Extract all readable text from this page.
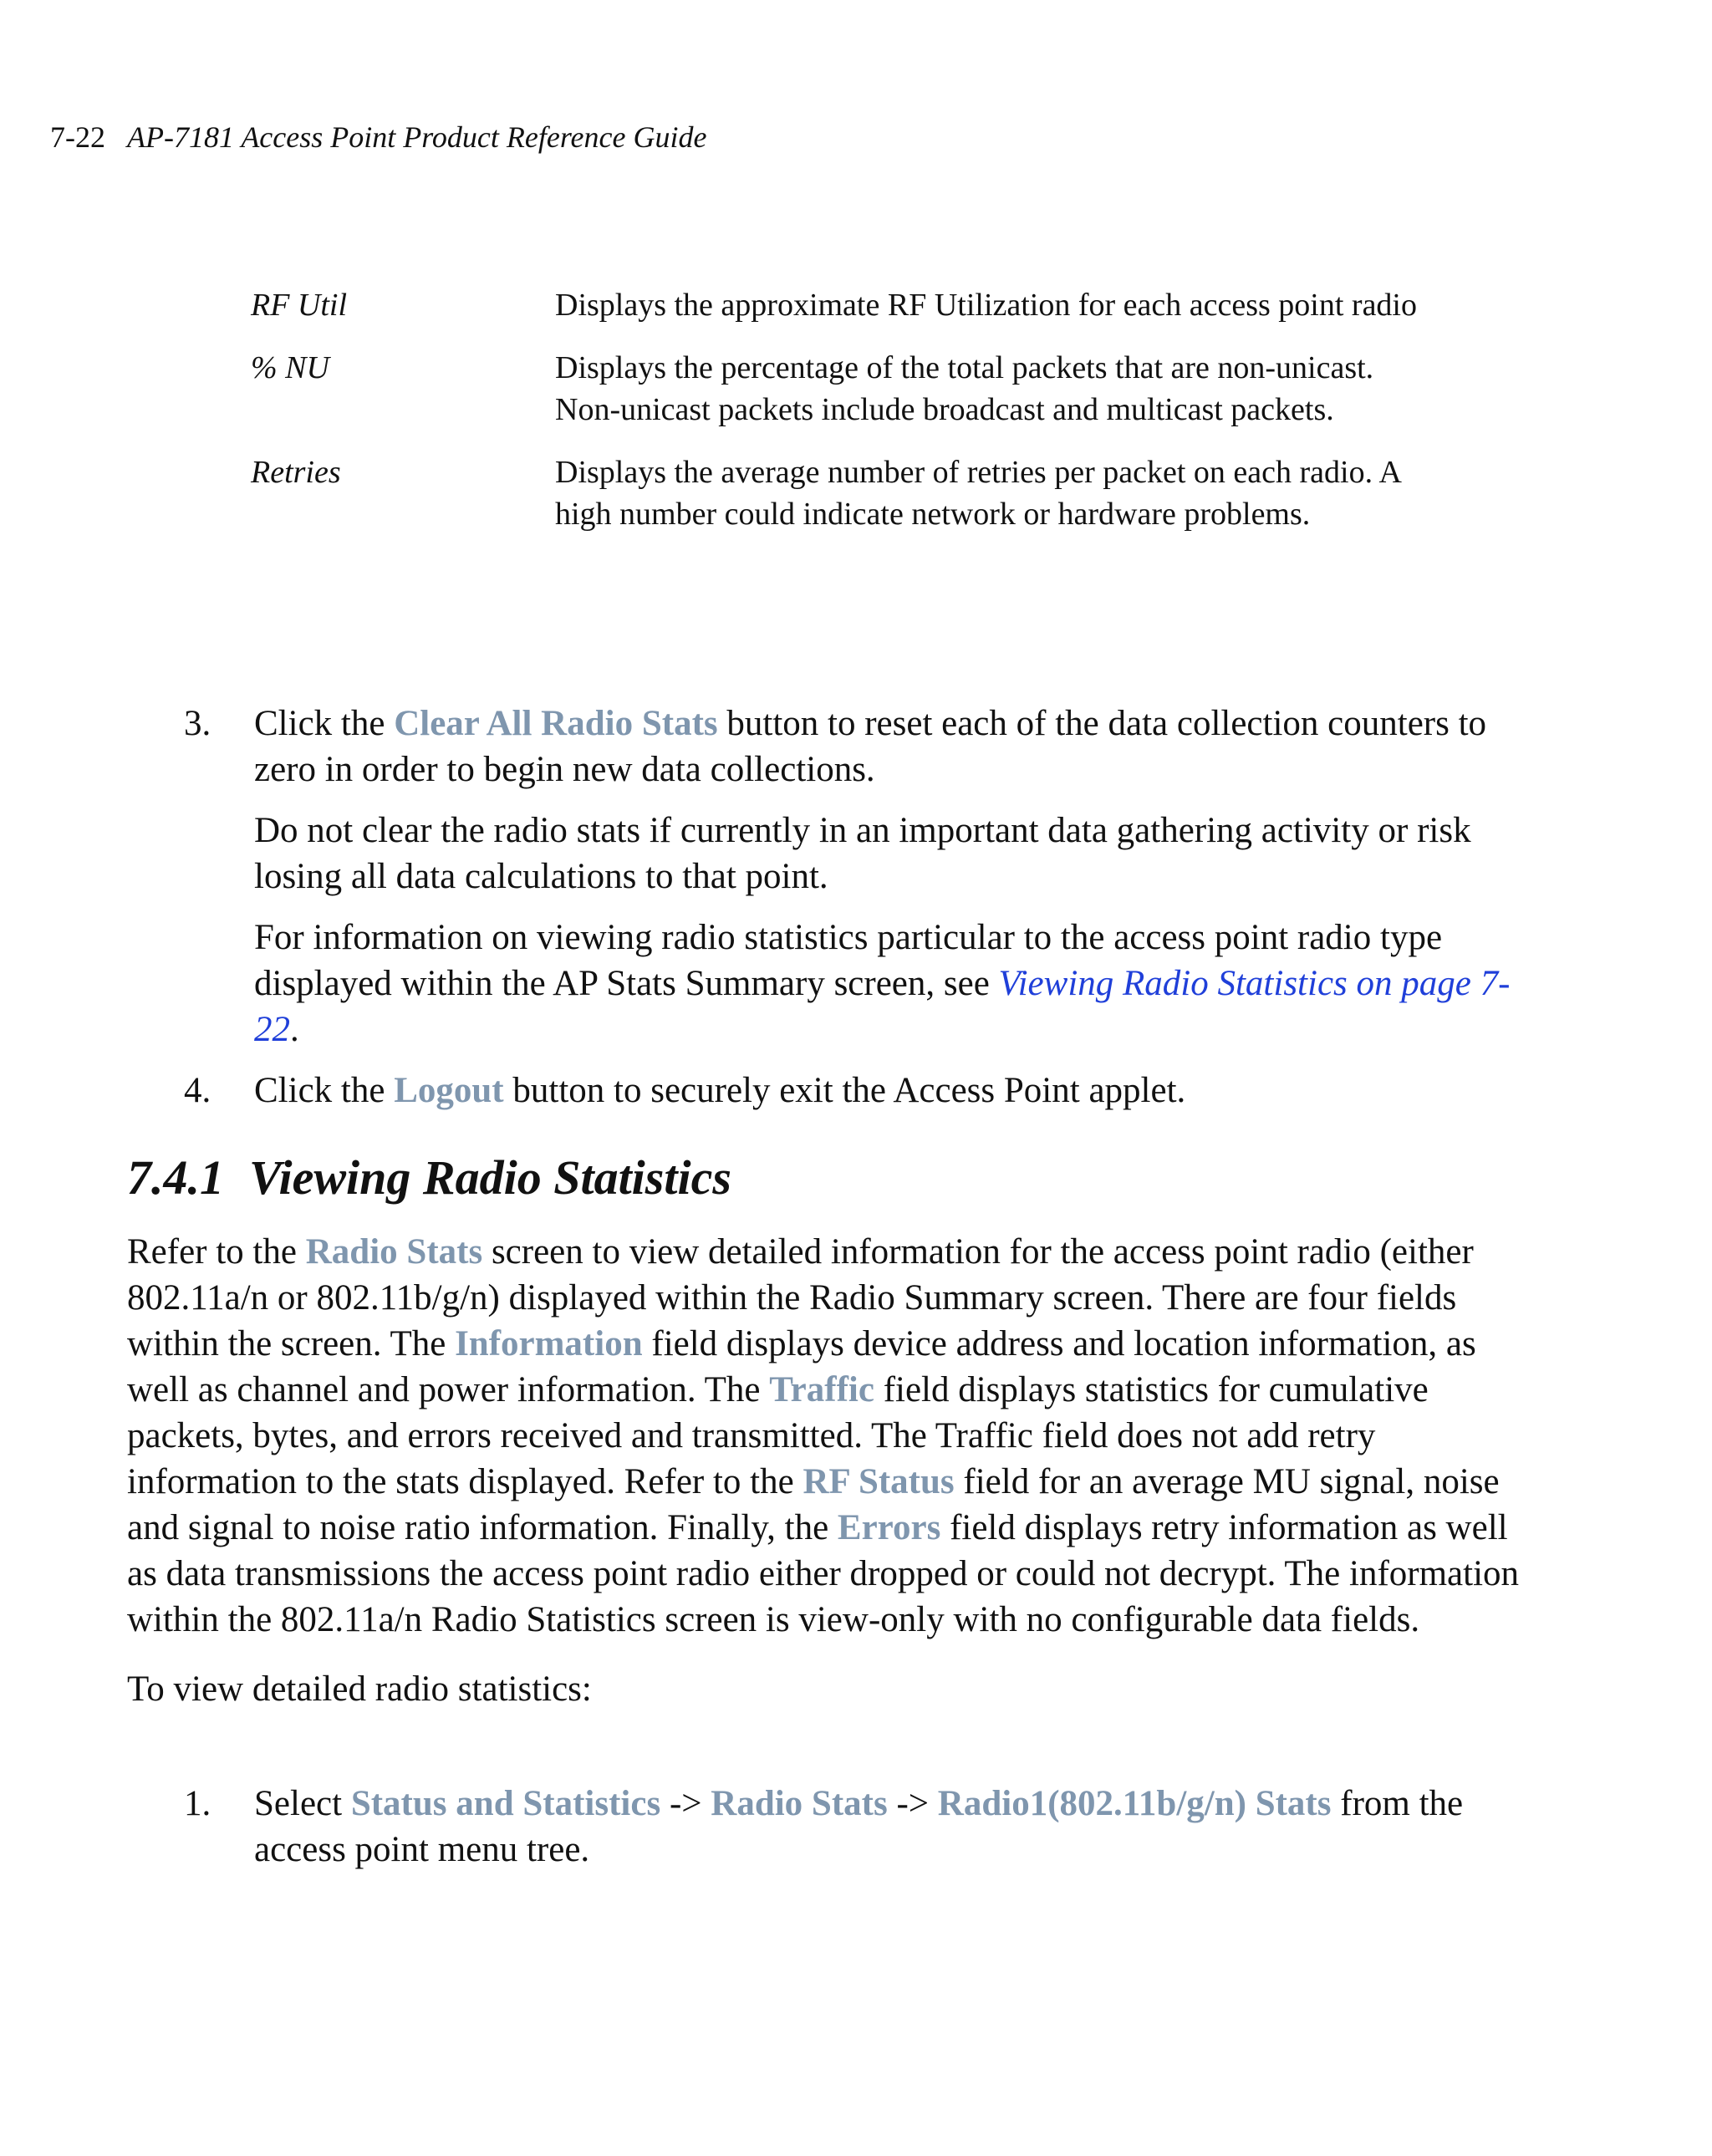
7-22 AP-7181 Access Point Product Reference Guide
RF Util	Displays the approximate RF Utilization for each access point radio
% NU	Displays the percentage of the total packets that are non-unicast. Non-unicast packets include broadcast and multicast packets.
Retries	Displays the average number of retries per packet on each radio. A high number could indicate network or hardware problems.
3. Click the Clear All Radio Stats button to reset each of the data collection counters to zero in order to begin new data collections.

Do not clear the radio stats if currently in an important data gathering activity or risk losing all data calculations to that point.

For information on viewing radio statistics particular to the access point radio type displayed within the AP Stats Summary screen, see Viewing Radio Statistics on page 7-22.

4. Click the Logout button to securely exit the Access Point applet.

7.4.1 Viewing Radio Statistics

Refer to the Radio Stats screen to view detailed information for the access point radio (either 802.11a/n or 802.11b/g/n) displayed within the Radio Summary screen. There are four fields within the screen. The Information field displays device address and location information, as well as channel and power information. The Traffic field displays statistics for cumulative packets, bytes, and errors received and transmitted. The Traffic field does not add retry information to the stats displayed. Refer to the RF Status field for an average MU signal, noise and signal to noise ratio information. Finally, the Errors field displays retry information as well as data transmissions the access point radio either dropped or could not decrypt. The information within the 802.11a/n Radio Statistics screen is view-only with no configurable data fields.

To view detailed radio statistics:

1. Select Status and Statistics -> Radio Stats -> Radio1(802.11b/g/n) Stats from the access point menu tree.
